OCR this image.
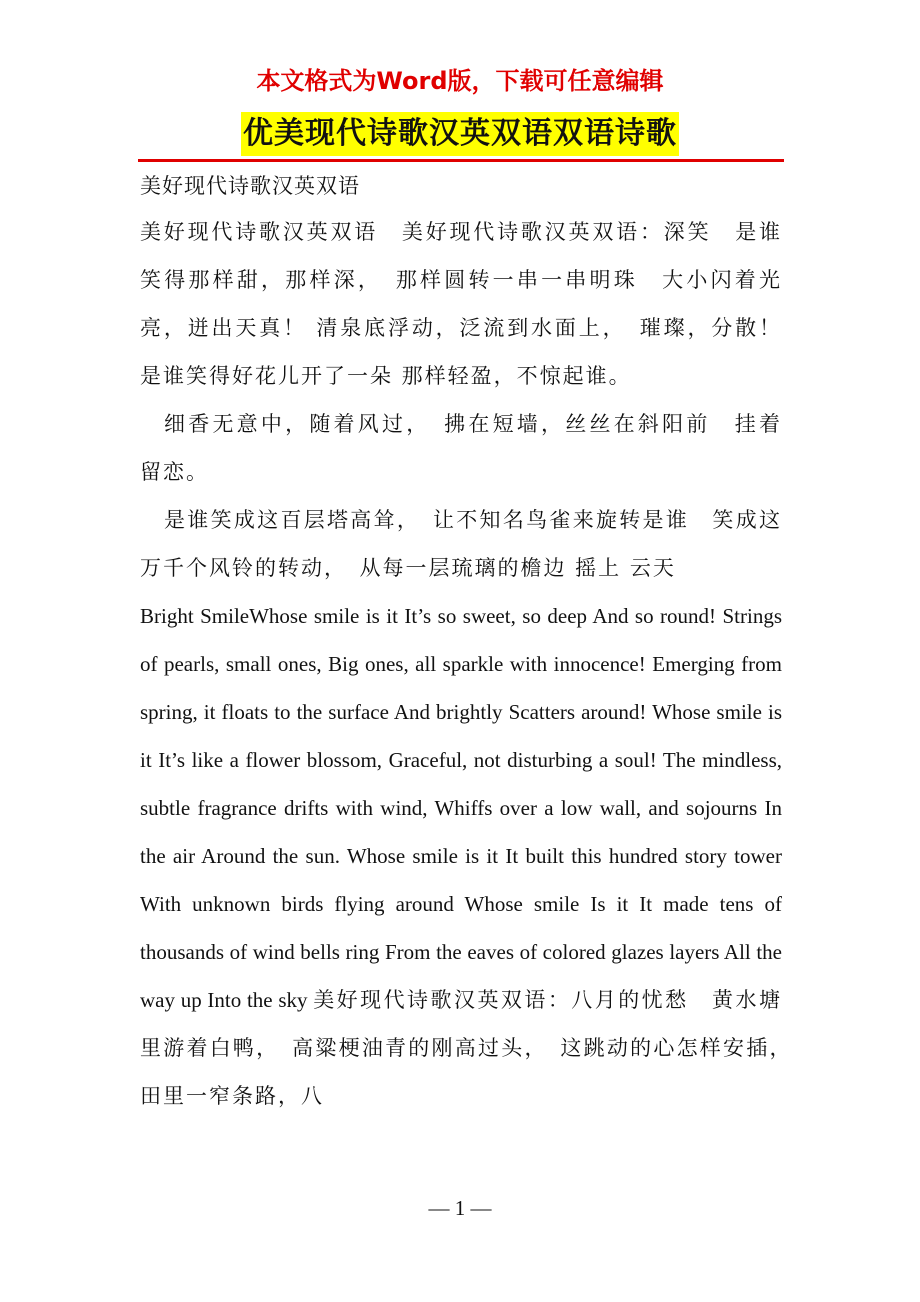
本文格式为Word版，下载可任意编辑
优美现代诗歌汉英双语双语诗歌

美好现代诗歌汉英双语

美好现代诗歌汉英双语　美好现代诗歌汉英双语：深笑　是谁笑得那样甜，那样深，　那样圆转一串一串明珠　大小闪着光亮，迸出天真！ 清泉底浮动，泛流到水面上，　璀璨，分散！ 是谁笑得好花儿开了一朵 那样轻盈，不惊起谁。

细香无意中，随着风过，　拂在短墙，丝丝在斜阳前　挂着 留恋。

是谁笑成这百层塔高耸，　让不知名鸟雀来旋转是谁　笑成这万千个风铃的转动，　从每一层琉璃的檐边 摇上 云天

Bright SmileWhose smile is it It’s so sweet, so deep And so round! Strings of pearls, small ones, Big ones, all sparkle with innocence! Emerging from spring, it floats to the surface And brightly Scatters around! Whose smile is it It’s like a flower blossom, Graceful, not disturbing a soul! The mindless, subtle fragrance drifts with wind, Whiffs over a low wall, and sojourns In the air Around the sun. Whose smile is it It built this hundred story tower With unknown birds flying around Whose smile Is it It made tens of thousands of wind bells ring From the eaves of colored glazes layers All the way up Into the sky 美好现代诗歌汉英双语：八月的忧愁　黄水塘里游着白鸭，　高粱梗油青的刚高过头，　这跳动的心怎样安插，　田里一窄条路，八

— 1 —
